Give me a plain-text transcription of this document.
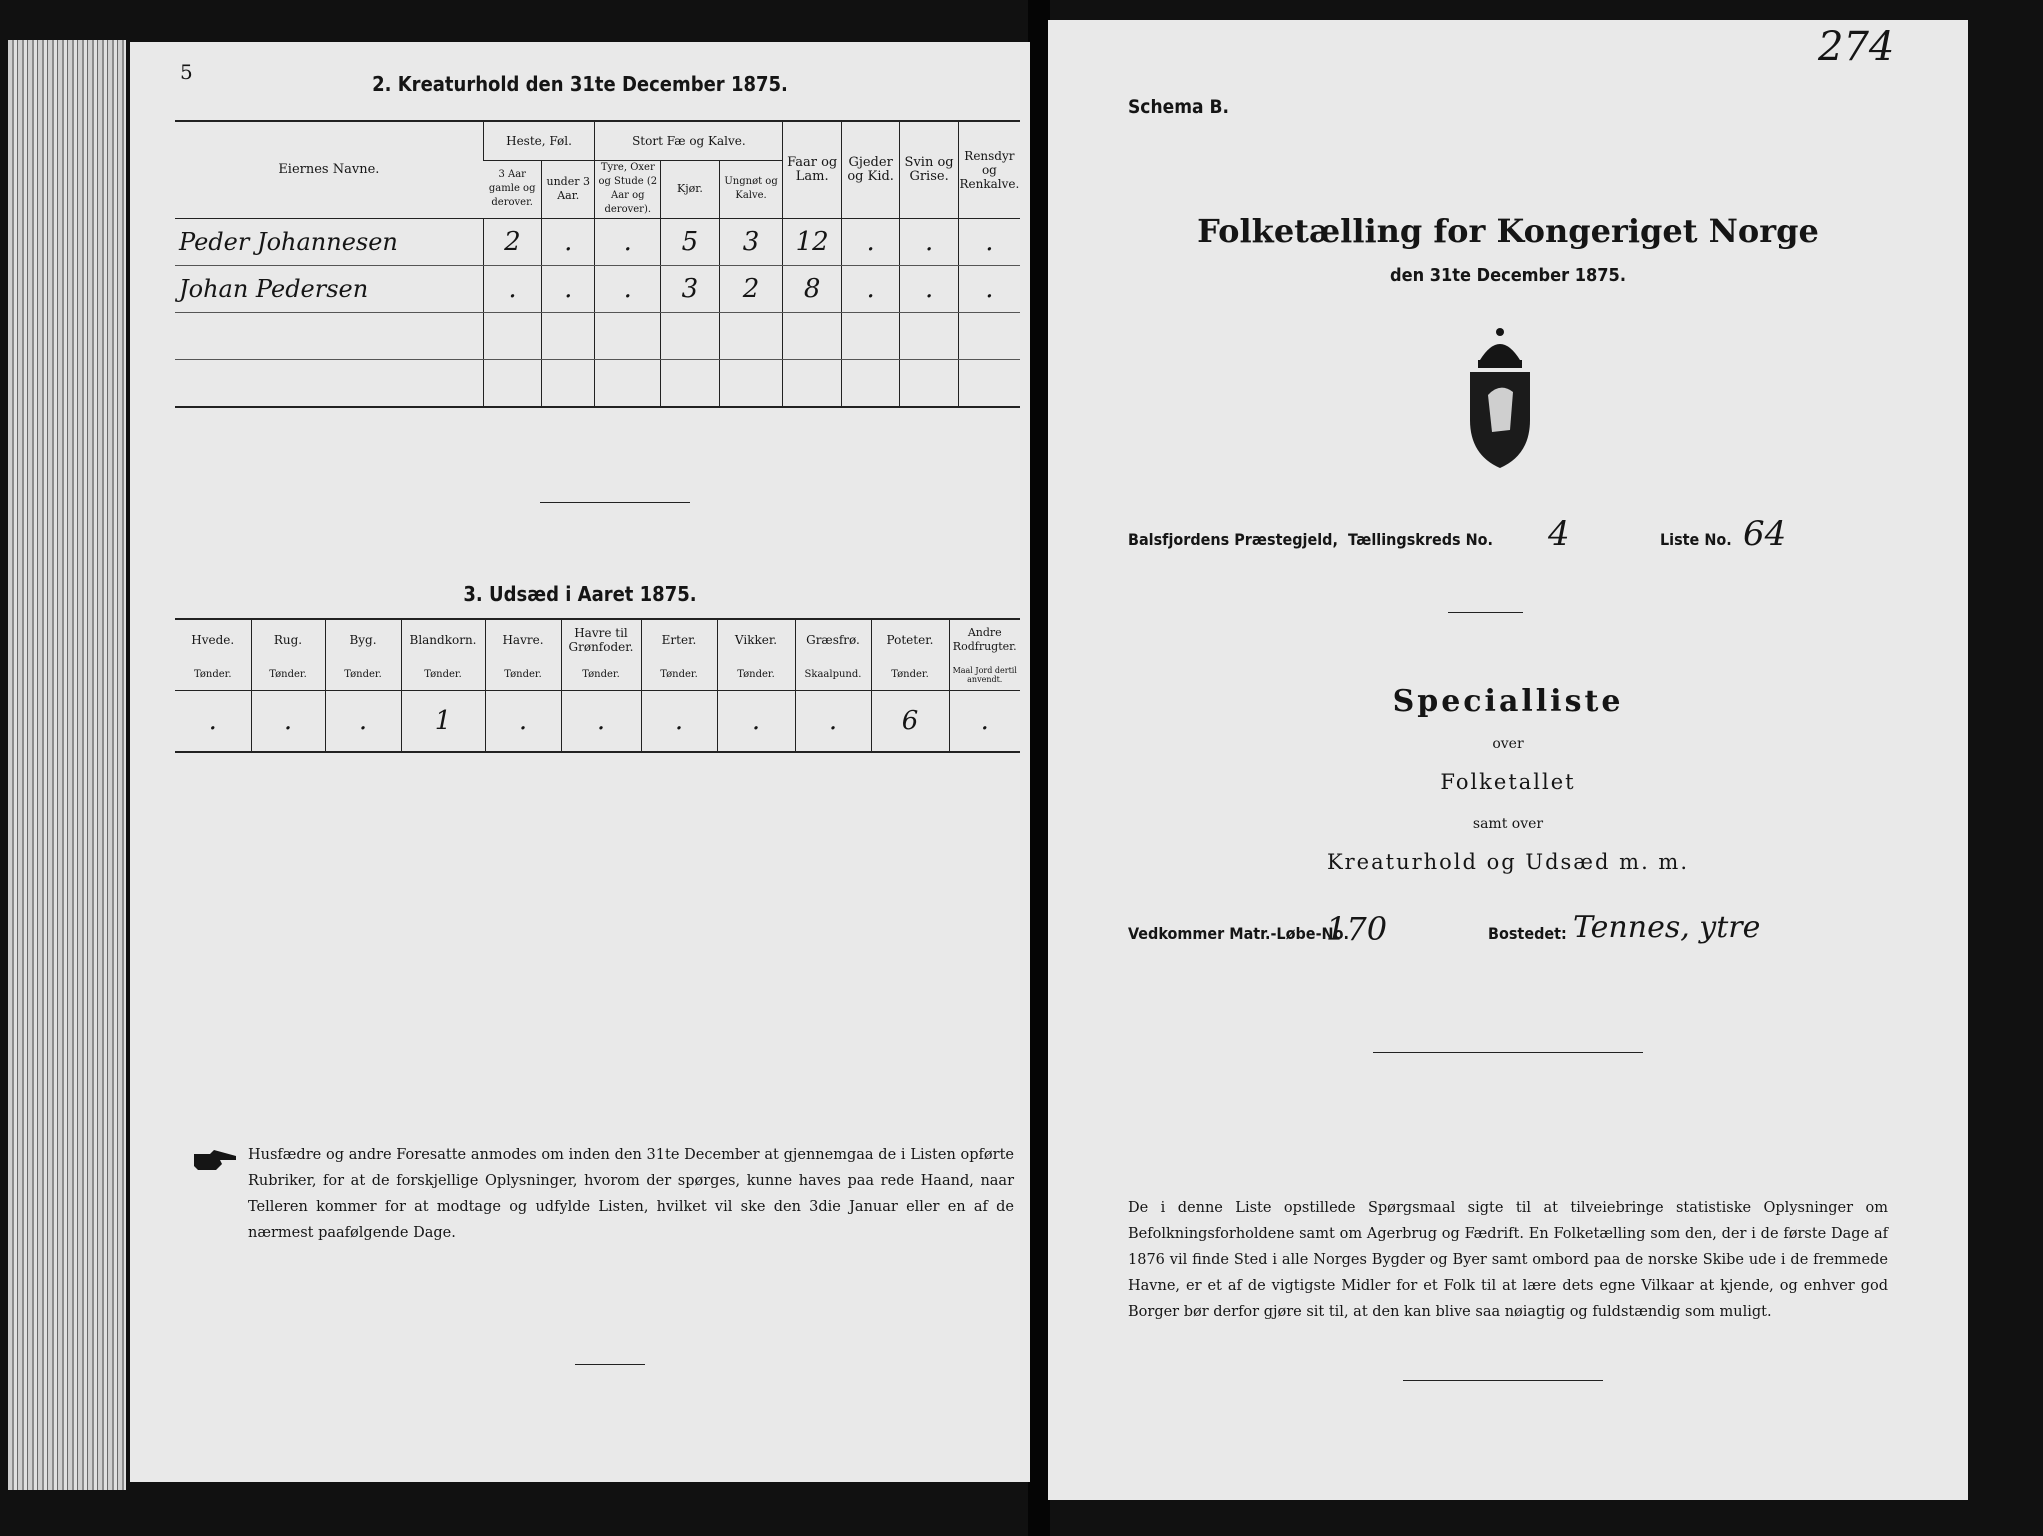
5	2. Kreaturhold den 31te December 1875.
Eiernes Navne.	Heste, Føl.		Stort Fæ og Kalve.			Faar og Lam.	Gjeder og Kid.	Svin og Grise.	Rensdyr og Renkalve.
	3 Aar gamle og derover.	under 3 Aar.	Tyre, Oxer og Stude (2 Aar og derover).	Kjør.	Ungnøt og Kalve.				
Peder Johannesen	2	.	.	5	3	12	.	.	.
Johan Pedersen	.	.	.	3	2	8	.	.	.

3. Udsæd i Aaret 1875.
Hvede.	Rug.	Byg.	Blandkorn.	Havre.	Havre til Grønfoder.	Erter.	Vikker.	Græsfrø.	Poteter.	Andre Rodfrugter.
Tønder.	Tønder.	Tønder.	Tønder.	Tønder.	Tønder.	Tønder.	Tønder.	Skaalpund.	Tønder.	Maal Jord dertil anvendt.
.	.	.	1	.	.	.	.	.	6	.
Husfædre og andre Foresatte anmodes om inden den 31te December at gjennemgaa de i Listen opførte Rubriker, for at de forskjellige Oplysninger, hvorom der spørges, kunne haves paa rede Haand, naar Telleren kommer for at modtage og udfylde Listen, hvilket vil ske den 3die Januar eller en af de nærmest paafølgende Dage.
274
Schema B.
Folketælling for Kongeriget Norge
den 31te December 1875.
Balsfjordens Præstegjeld, Tællingskreds No. 4	Liste No. 64
Specialliste
over
Folketallet
samt over
Kreaturhold og Udsæd m. m.
Vedkommer Matr.-Løbe-No.
170	Bostedet: Tennes, ytre
De i denne Liste opstillede Spørgsmaal sigte til at tilveiebringe statistiske Oplysninger om Befolkningsforholdene samt om Agerbrug og Fædrift. En Folketælling som den, der i de første Dage af 1876 vil finde Sted i alle Norges Bygder og Byer samt ombord paa de norske Skibe ude i de fremmede Havne, er et af de vigtigste Midler for et Folk til at lære dets egne Vilkaar at kjende, og enhver god Borger bør derfor gjøre sit til, at den kan blive saa nøiagtig og fuldstændig som muligt.
